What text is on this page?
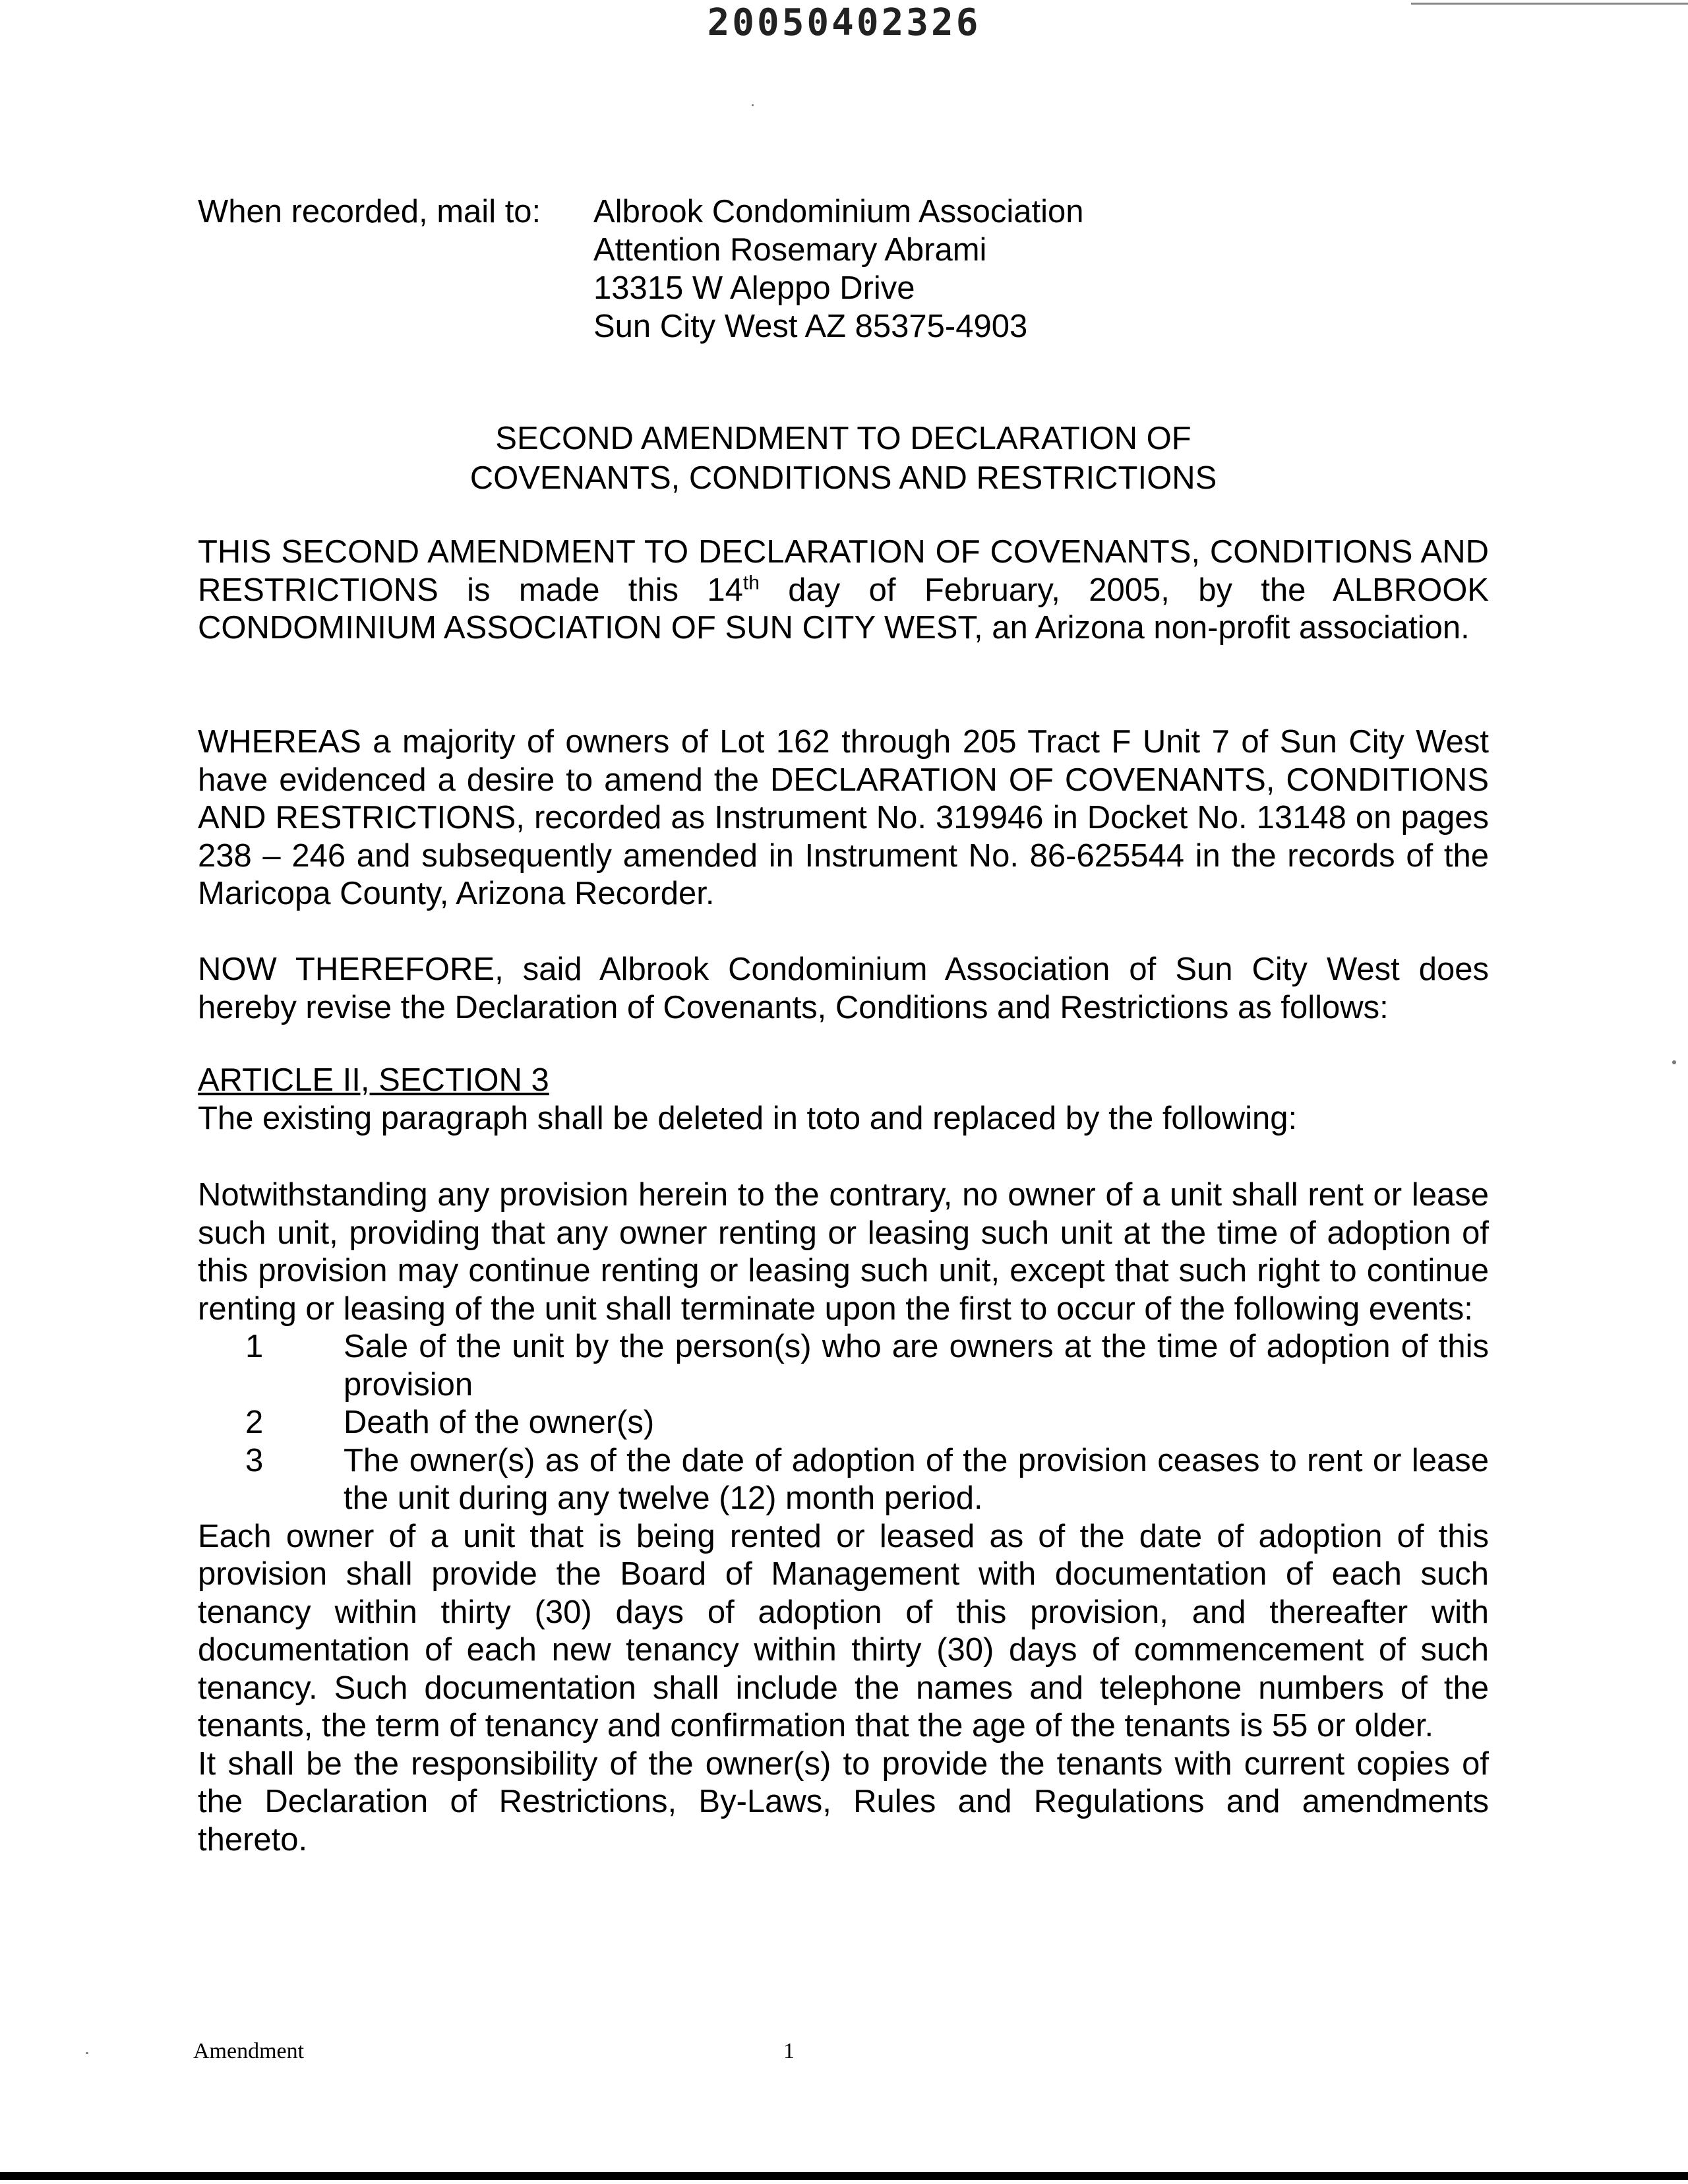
20050402326
When recorded, mail to: Albrook Condominium Association
Attention Rosemary Abrami
13315 W Aleppo Drive
Sun City West AZ 85375-4903
SECOND AMENDMENT TO DECLARATION OF
COVENANTS, CONDITIONS AND RESTRICTIONS

THIS SECOND AMENDMENT TO DECLARATION OF COVENANTS, CONDITIONS AND RESTRICTIONS is made this 14th day of February, 2005, by the ALBROOK CONDOMINIUM ASSOCIATION OF SUN CITY WEST, an Arizona non-profit association.

WHEREAS a majority of owners of Lot 162 through 205 Tract F Unit 7 of Sun City West have evidenced a desire to amend the DECLARATION OF COVENANTS, CONDITIONS AND RESTRICTIONS, recorded as Instrument No. 319946 in Docket No. 13148 on pages 238 – 246 and subsequently amended in Instrument No. 86-625544 in the records of the Maricopa County, Arizona Recorder.

NOW THEREFORE, said Albrook Condominium Association of Sun City West does hereby revise the Declaration of Covenants, Conditions and Restrictions as follows:

ARTICLE II, SECTION 3

The existing paragraph shall be deleted in toto and replaced by the following:

Notwithstanding any provision herein to the contrary, no owner of a unit shall rent or lease such unit, providing that any owner renting or leasing such unit at the time of adoption of this provision may continue renting or leasing such unit, except that such right to continue renting or leasing of the unit shall terminate upon the first to occur of the following events:

1 Sale of the unit by the person(s) who are owners at the time of adoption of this provision
2 Death of the owner(s)
3 The owner(s) as of the date of adoption of the provision ceases to rent or lease the unit during any twelve (12) month period.

Each owner of a unit that is being rented or leased as of the date of adoption of this provision shall provide the Board of Management with documentation of each such tenancy within thirty (30) days of adoption of this provision, and thereafter with documentation of each new tenancy within thirty (30) days of commencement of such tenancy. Such documentation shall include the names and telephone numbers of the tenants, the term of tenancy and confirmation that the age of the tenants is 55 or older.

It shall be the responsibility of the owner(s) to provide the tenants with current copies of the Declaration of Restrictions, By-Laws, Rules and Regulations and amendments thereto.

Amendment	1
